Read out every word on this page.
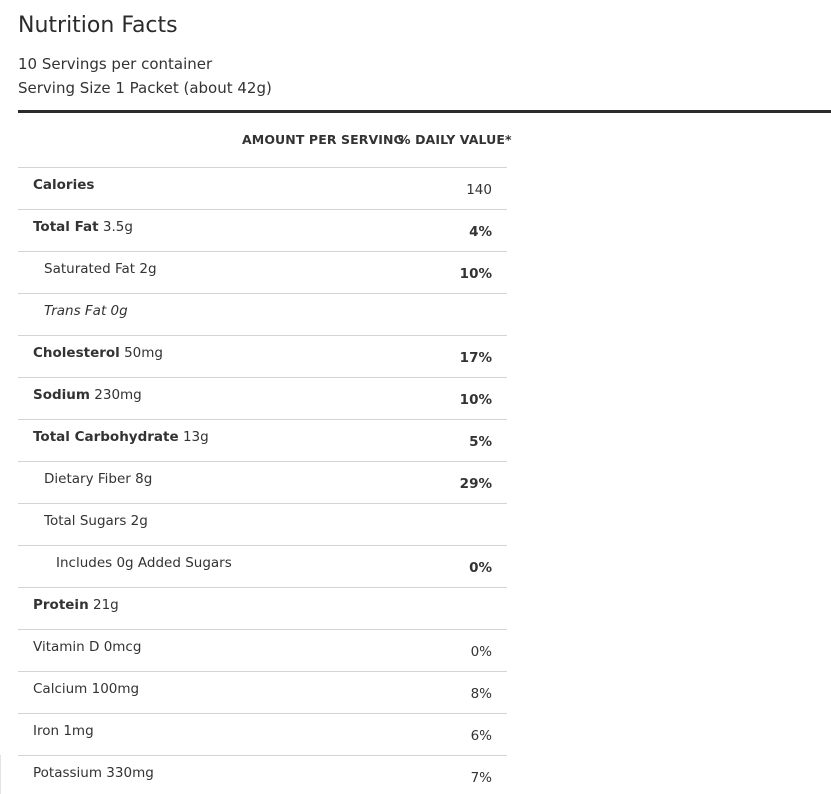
Nutrition Facts
10 Servings per container
Serving Size 1 Packet (about 42g)
AMOUNT PER SERVING
% DAILY VALUE*
Calories	140
Total Fat 3.5g	4%
Saturated Fat 2g	10%
Trans Fat 0g
Cholesterol 50mg	17%
Sodium 230mg	10%
Total Carbohydrate 13g	5%
Dietary Fiber 8g	29%
Total Sugars 2g
Includes 0g Added Sugars	0%
Protein 21g
Vitamin D 0mcg	0%
Calcium 100mg	8%
Iron 1mg	6%
Potassium 330mg	7%
